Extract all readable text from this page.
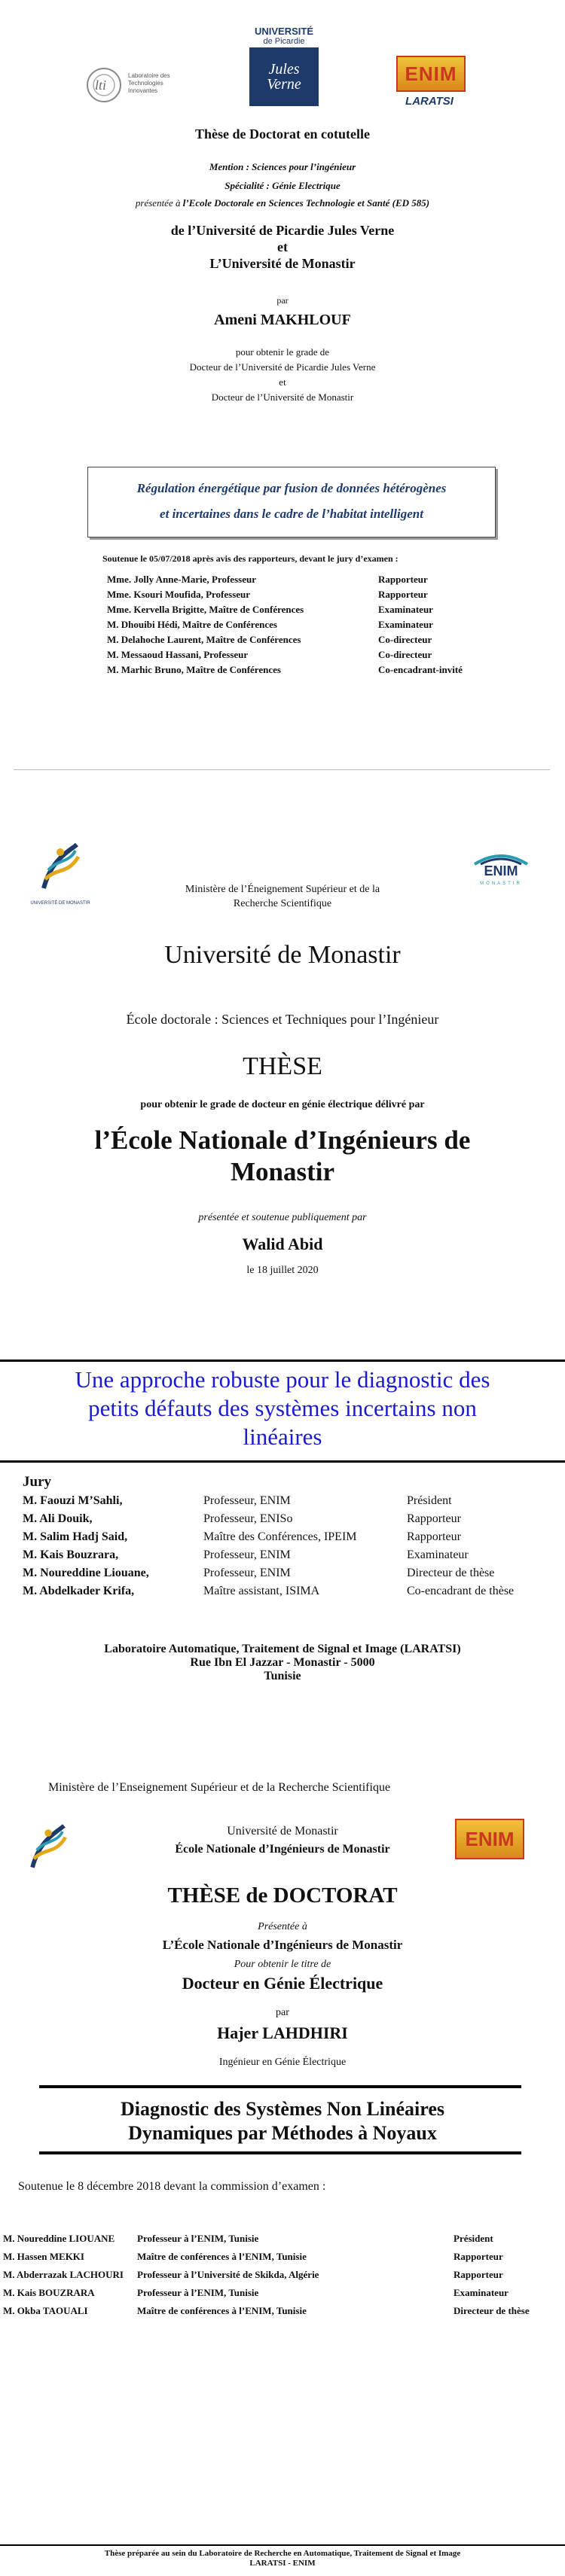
lti
Laboratoire des
Technologies
Innovantes
UNIVERSITÉ
de Picardie
Jules Verne	ENIM
LARATSI
Thèse de Doctorat en cotutelle
Mention : Sciences pour l’ingénieur
Spécialité : Génie Electrique
présentée à l’Ecole Doctorale en Sciences Technologie et Santé (ED 585)
de l’Université de Picardie Jules Verne
et
L’Université de Monastir
par
Ameni MAKHLOUF
pour obtenir le grade de
Docteur de l’Université de Picardie Jules Verne
et
Docteur de l’Université de Monastir
Régulation énergétique par fusion de données hétérogènes
et incertaines dans le cadre de l’habitat intelligent
Soutenue le 05/07/2018 après avis des rapporteurs, devant le jury d’examen :
Mme. Jolly Anne-Marie, Professeur	Rapporteur
Mme. Ksouri Moufida, Professeur	Rapporteur
Mme. Kervella Brigitte, Maître de Conférences	Examinateur
M. Dhouibi Hédi, Maître de Conférences	Examinateur
M. Delahoche Laurent, Maître de Conférences	Co-directeur
M. Messaoud Hassani, Professeur	Co-directeur
M. Marhic Bruno, Maître de Conférences	Co-encadrant-invité
UNIVERSITÉ DE MONASTIR
Ministère de l’Éneignement Supérieur et de la
Recherche Scientifique
ENIM
MONASTIR
Université de Monastir
École doctorale : Sciences et Techniques pour l’Ingénieur
THÈSE
pour obtenir le grade de docteur en génie électrique délivré par
l’École Nationale d’Ingénieurs de
Monastir
présentée et soutenue publiquement par
Walid Abid
le 18 juillet 2020
Une approche robuste pour le diagnostic des
petits défauts des systèmes incertains non
linéaires
Jury
M. Faouzi M’Sahli,	Professeur, ENIM	Président
M. Ali Douik,	Professeur, ENISo	Rapporteur
M. Salim Hadj Said,	Maître des Conférences, IPEIM	Rapporteur
M. Kais Bouzrara,	Professeur, ENIM	Examinateur
M. Noureddine Liouane,	Professeur, ENIM	Directeur de thèse
M. Abdelkader Krifa,	Maître assistant, ISIMA	Co-encadrant de thèse
Laboratoire Automatique, Traitement de Signal et Image (LARATSI)
Rue Ibn El Jazzar - Monastir - 5000
Tunisie
Ministère de l’Enseignement Supérieur et de la Recherche Scientifique
Université de Monastir
École Nationale d’Ingénieurs de Monastir	ENIM
THÈSE de DOCTORAT
Présentée à
L’École Nationale d’Ingénieurs de Monastir
Pour obtenir le titre de
Docteur en Génie Électrique
par
Hajer LAHDHIRI
Ingénieur en Génie Électrique
Diagnostic des Systèmes Non Linéaires
Dynamiques par Méthodes à Noyaux
Soutenue le 8 décembre 2018 devant la commission d’examen :
M. Noureddine LIOUANE	Professeur à l’ENIM, Tunisie	Président
M. Hassen MEKKI	Maître de conférences à l’ENIM, Tunisie	Rapporteur
M. Abderrazak LACHOURI	Professeur à l’Université de Skikda, Algérie	Rapporteur
M. Kais BOUZRARA	Professeur à l’ENIM, Tunisie	Examinateur
M. Okba TAOUALI	Maître de conférences à l’ENIM, Tunisie	Directeur de thèse
Thèse préparée au sein du Laboratoire de Recherche en Automatique, Traitement de Signal et Image
LARATSI - ENIM
